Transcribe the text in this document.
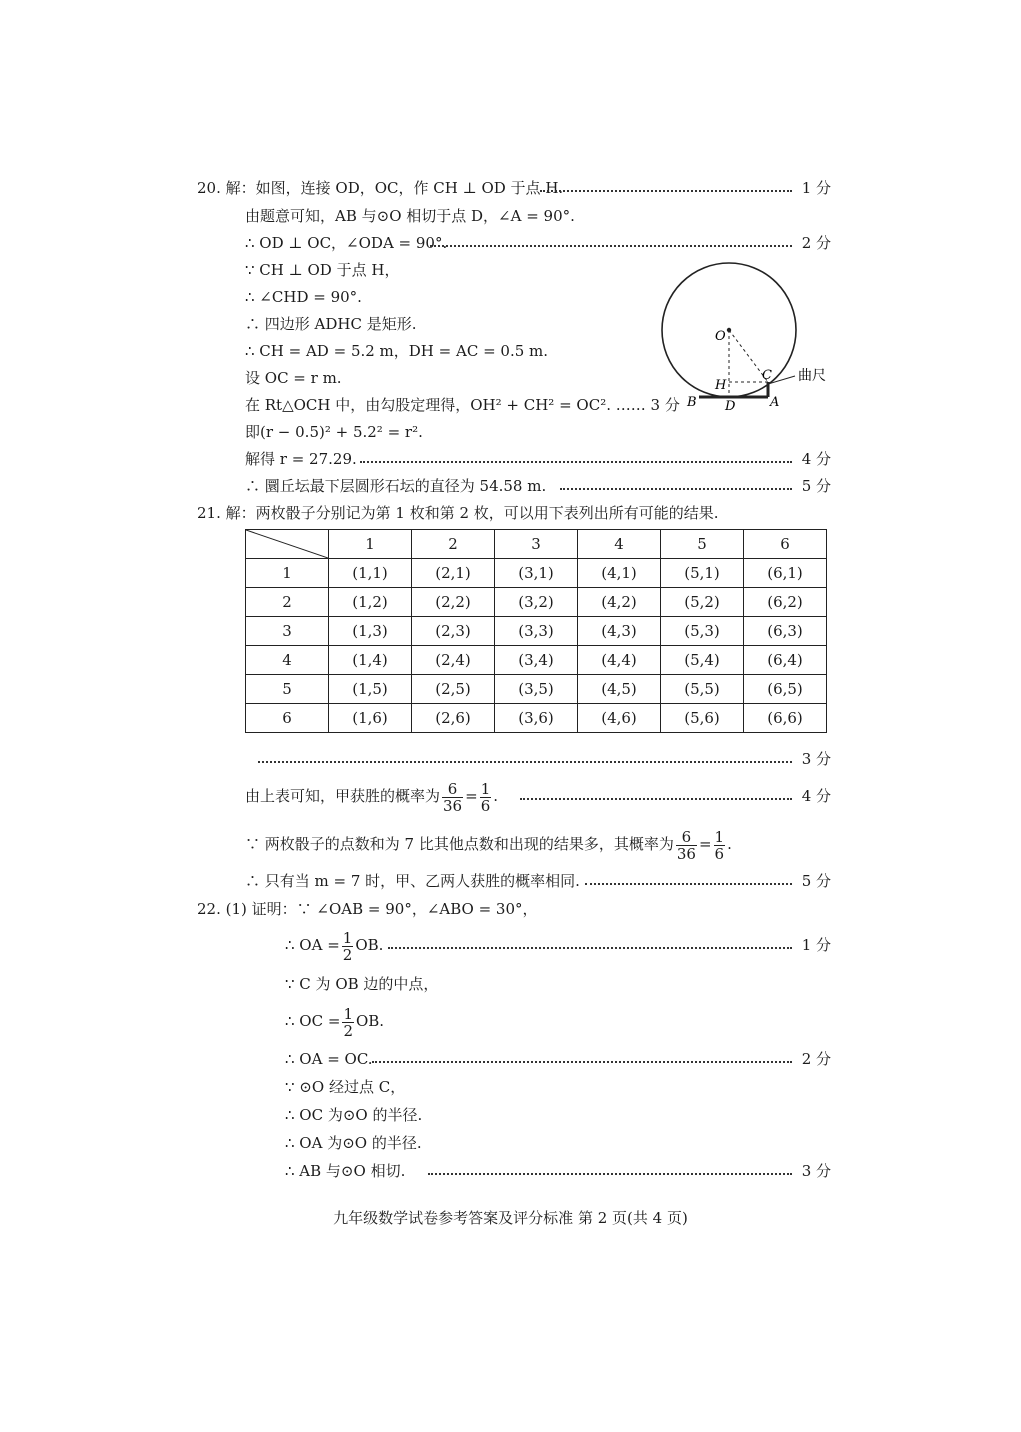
20. 解：如图，连接 OD，OC，作 CH ⊥ OD 于点 H.	1 分
由题意可知，AB 与⊙O 相切于点 D，∠A = 90°.
∴ OD ⊥ OC，∠ODA = 90°.	2 分
∵ CH ⊥ OD 于点 H，
∴ ∠CHD = 90°.
∴ 四边形 ADHC 是矩形.
∴ CH = AD = 5.2 m，DH = AC = 0.5 m.
设 OC = r m.
在 Rt△OCH 中，由勾股定理得，OH² + CH² = OC². …… 3 分
即(r − 0.5)² + 5.2² = r².
解得 r = 27.29.	4 分
∴ 圜丘坛最下层圆形石坛的直径为 54.58 m.	5 分
O
H
C
B D	A
曲尺
21. 解：两枚骰子分别记为第 1 枚和第 2 枚，可以用下表列出所有可能的结果.
	1	2	3	4	5	6
1	(1,1)	(2,1)	(3,1)	(4,1)	(5,1)	(6,1)
2	(1,2)	(2,2)	(3,2)	(4,2)	(5,2)	(6,2)
3	(1,3)	(2,3)	(3,3)	(4,3)	(5,3)	(6,3)
4	(1,4)	(2,4)	(3,4)	(4,4)	(5,4)	(6,4)
5	(1,5)	(2,5)	(3,5)	(4,5)	(5,5)	(6,5)
6	(1,6)	(2,6)	(3,6)	(4,6)	(5,6)	(6,6)
3 分
由上表可知，甲获胜的概率为 $\frac{6}{36} = \frac{1}{6}$ .	4 分
∵ 两枚骰子的点数和为 7 比其他点数和出现的结果多，其概率为 $\frac{6}{36} = \frac{1}{6}$ .
∴ 只有当 m = 7 时，甲、乙两人获胜的概率相同.	5 分
22. (1) 证明：∵ ∠OAB = 90°，∠ABO = 30°，
∴ OA = $\frac{1}{2}$ OB.	1 分
∵ C 为 OB 边的中点，
∴ OC = $\frac{1}{2}$ OB.
∴ OA = OC.	2 分
∵ ⊙O 经过点 C，
∴ OC 为⊙O 的半径.
∴ OA 为⊙O 的半径.
∴ AB 与⊙O 相切.	3 分
九年级数学试卷参考答案及评分标准 第 2 页(共 4 页)
